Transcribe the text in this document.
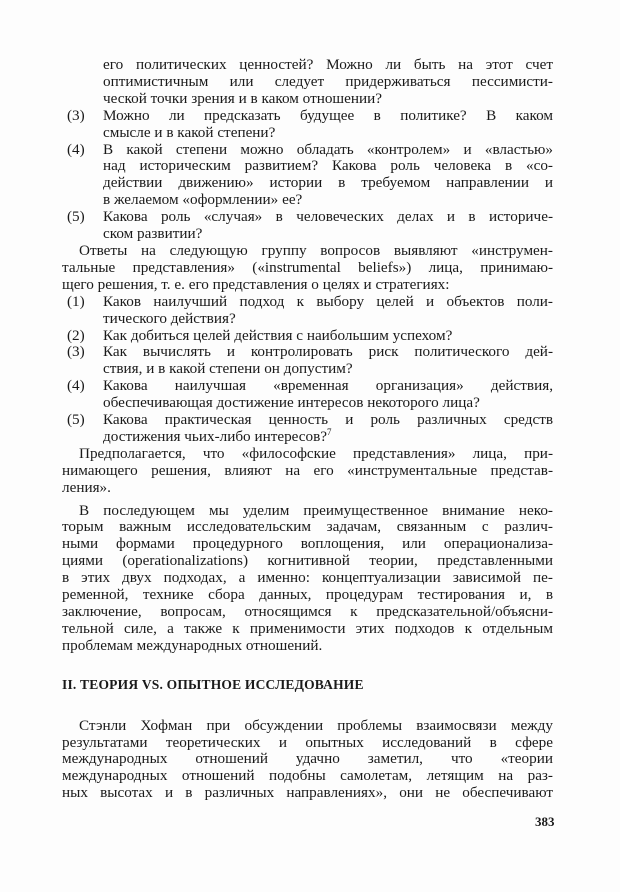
его политических ценностей? Можно ли быть на этот счет
оптимистичным или следует придерживаться пессимисти-
ческой точки зрения и в каком отношении?
(3)	Можно ли предсказать будущее в политике? В каком
смысле и в какой степени?
(4)	В какой степени можно обладать «контролем» и «властью»
над историческим развитием? Какова роль человека в «со-
действии движению» истории в требуемом направлении и
в желаемом «оформлении» ее?
(5)	Какова роль «случая» в человеческих делах и в историче-
ском развитии?
Ответы на следующую группу вопросов выявляют «инструмен-
тальные представления» («instrumental beliefs») лица, принимаю-
щего решения, т. е. его представления о целях и стратегиях:
(1)	Каков наилучший подход к выбору целей и объектов поли-
тического действия?
(2)	Как добиться целей действия с наибольшим успехом?
(3)	Как вычислять и контролировать риск политического дей-
ствия, и в какой степени он допустим?
(4)	Какова наилучшая «временная организация» действия,
обеспечивающая достижение интересов некоторого лица?
(5)	Какова практическая ценность и роль различных средств
достижения чьих-либо интересов?$^7$
Предполагается, что «философские представления» лица, при-
нимающего решения, влияют на его «инструментальные представ-
ления».
В последующем мы уделим преимущественное внимание неко-
торым важным исследовательским задачам, связанным с различ-
ными формами процедурного воплощения, или операционализа-
циями (operationalizations) когнитивной теории, представленными
в этих двух подходах, а именно: концептуализации зависимой пе-
ременной, технике сбора данных, процедурам тестирования и, в
заключение, вопросам, относящимся к предсказательной/объясни-
тельной силе, а также к применимости этих подходов к отдельным
проблемам международных отношений.
II. ТЕОРИЯ VS. ОПЫТНОЕ ИССЛЕДОВАНИЕ
Стэнли Хофман при обсуждении проблемы взаимосвязи между
результатами теоретических и опытных исследований в сфере
международных отношений удачно заметил, что «теории
международных отношений подобны самолетам, летящим на раз-
ных высотах и в различных направлениях», они не обеспечивают
383
